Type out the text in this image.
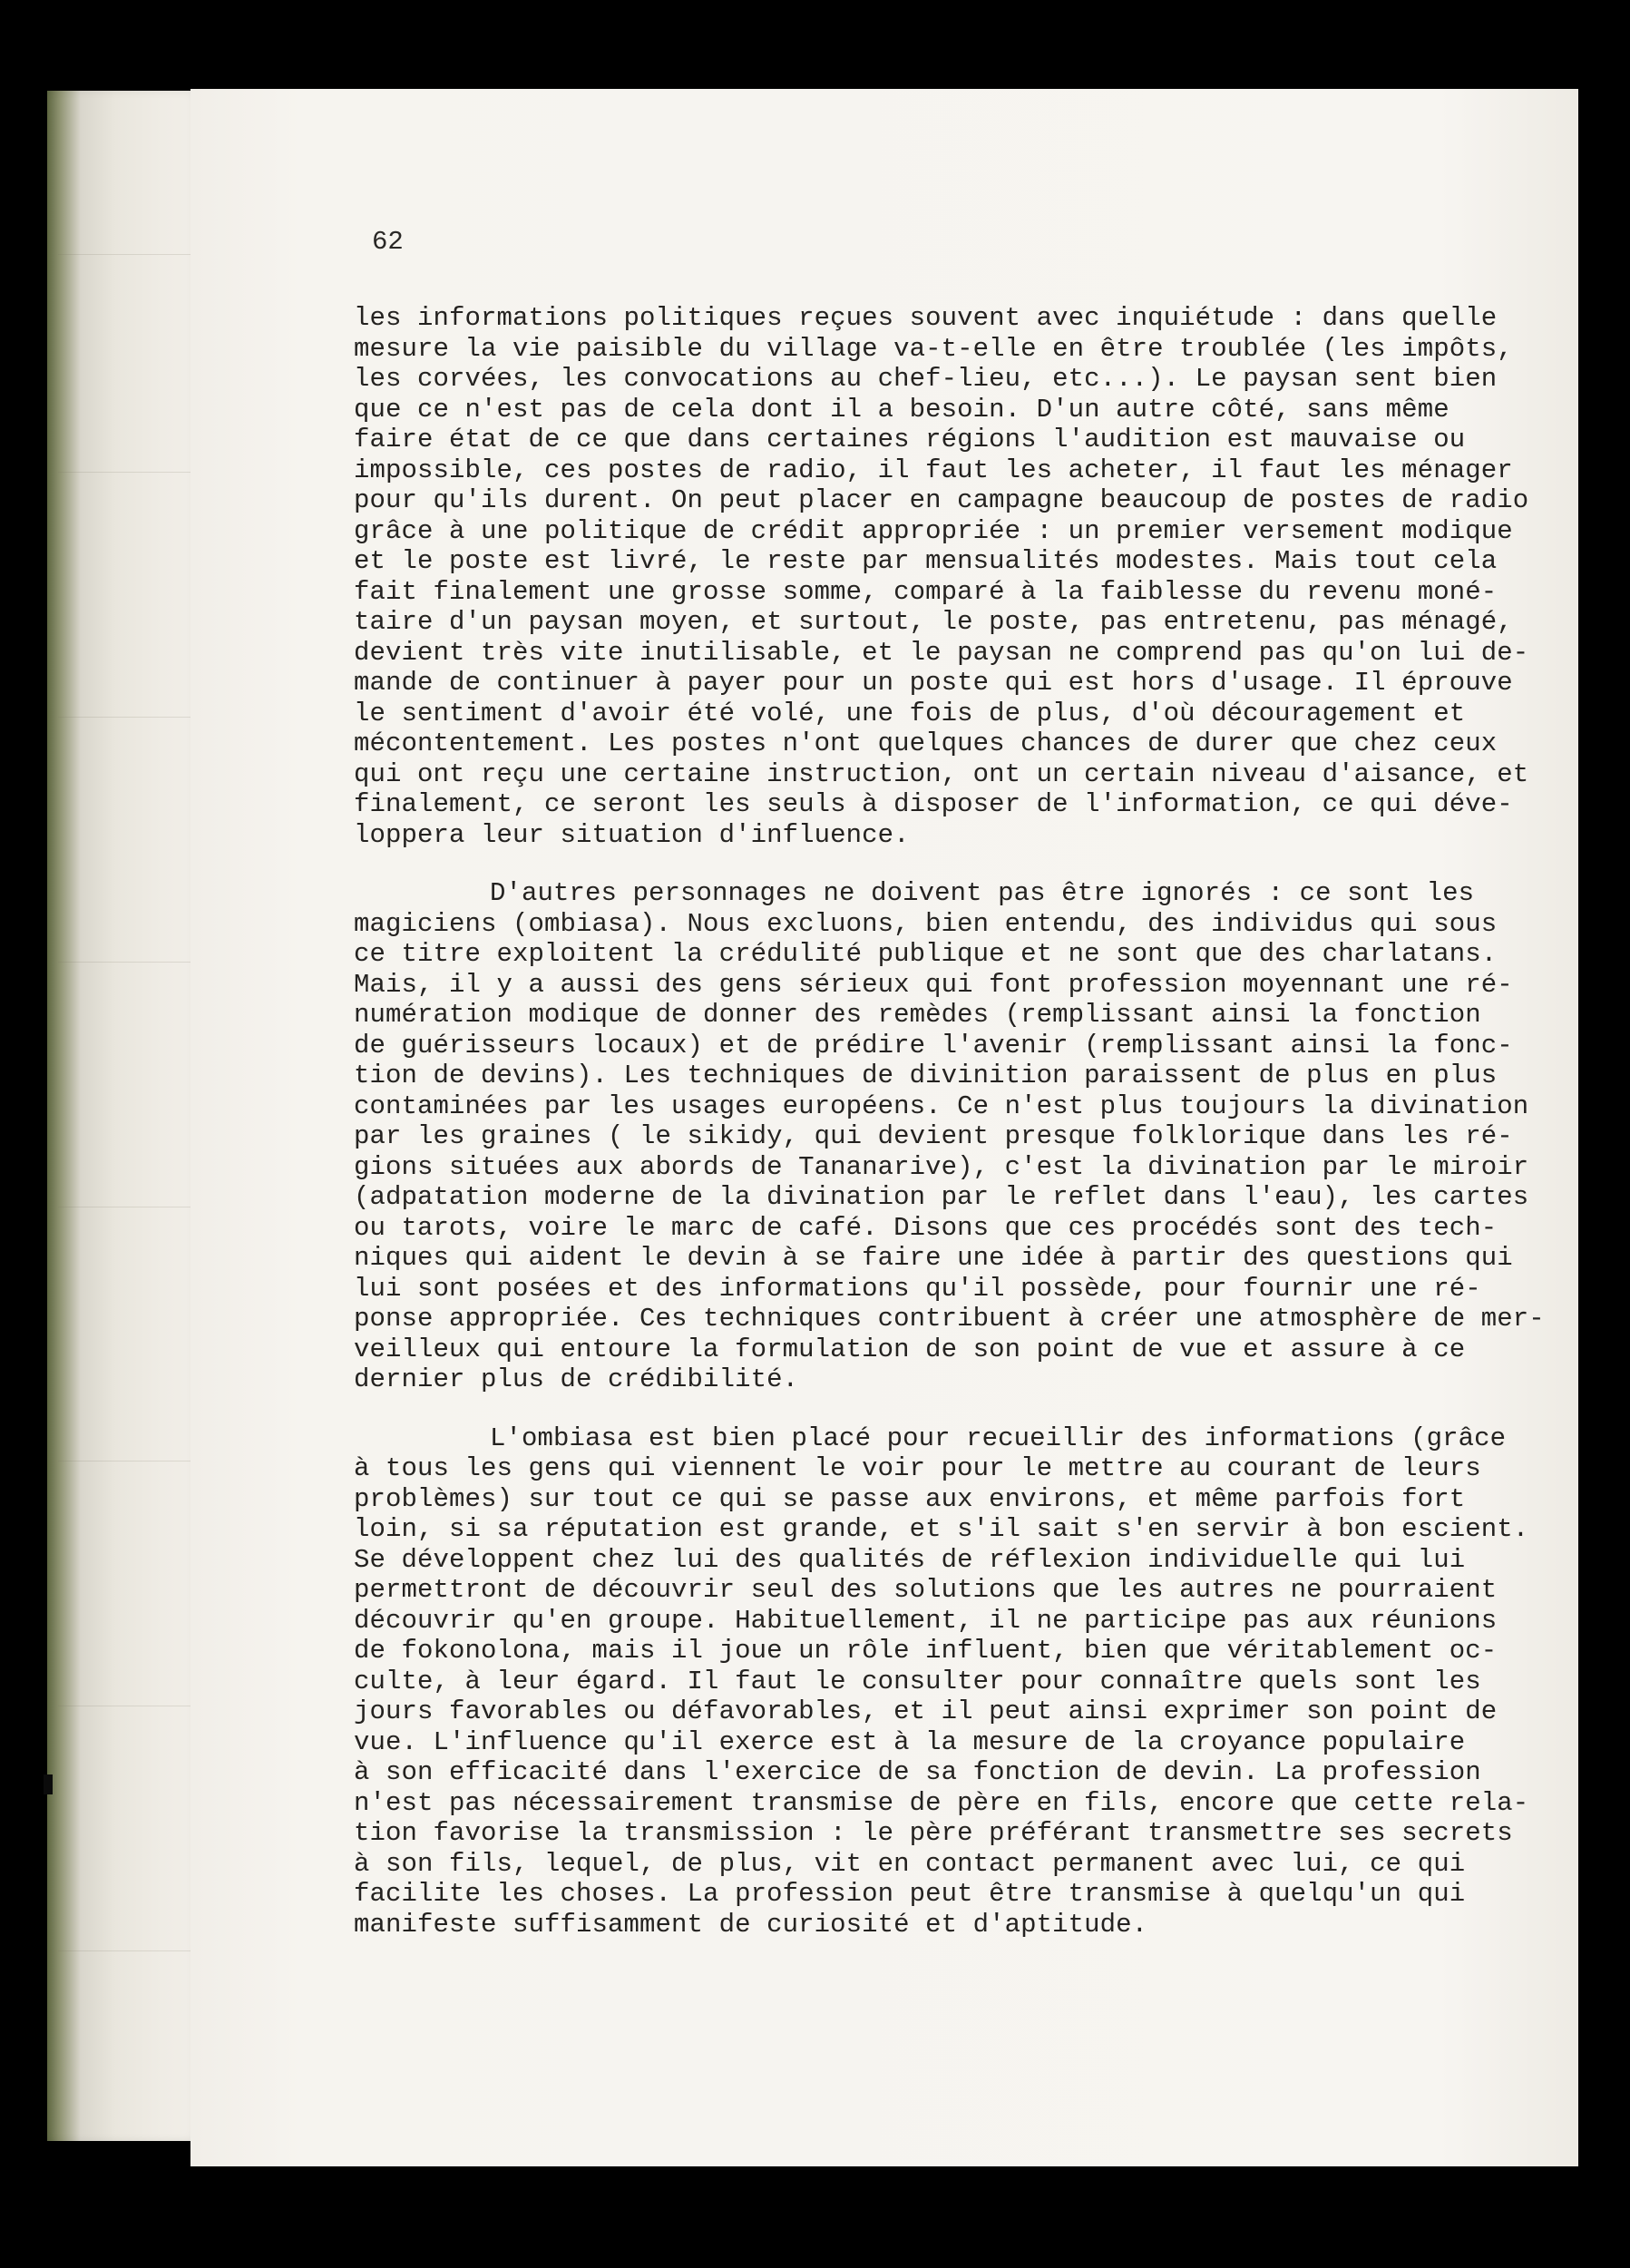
62

les informations politiques reçues souvent avec inquiétude : dans quelle
mesure la vie paisible du village va-t-elle en être troublée (les impôts,
les corvées, les convocations au chef-lieu, etc...). Le paysan sent bien
que ce n'est pas de cela dont il a besoin. D'un autre côté, sans même
faire état de ce que dans certaines régions l'audition est mauvaise ou
impossible, ces postes de radio, il faut les acheter, il faut les ménager
pour qu'ils durent. On peut placer en campagne beaucoup de postes de radio
grâce à une politique de crédit appropriée : un premier versement modique
et le poste est livré, le reste par mensualités modestes. Mais tout cela
fait finalement une grosse somme, comparé à la faiblesse du revenu moné-
taire d'un paysan moyen, et surtout, le poste, pas entretenu, pas ménagé,
devient très vite inutilisable, et le paysan ne comprend pas qu'on lui de-
mande de continuer à payer pour un poste qui est hors d'usage. Il éprouve
le sentiment d'avoir été volé, une fois de plus, d'où découragement et
mécontentement. Les postes n'ont quelques chances de durer que chez ceux
qui ont reçu une certaine instruction, ont un certain niveau d'aisance, et
finalement, ce seront les seuls à disposer de l'information, ce qui déve-
loppera leur situation d'influence.

D'autres personnages ne doivent pas être ignorés : ce sont les
magiciens (ombiasa). Nous excluons, bien entendu, des individus qui sous
ce titre exploitent la crédulité publique et ne sont que des charlatans.
Mais, il y a aussi des gens sérieux qui font profession moyennant une ré-
numération modique de donner des remèdes (remplissant ainsi la fonction
de guérisseurs locaux) et de prédire l'avenir (remplissant ainsi la fonc-
tion de devins). Les techniques de divinition paraissent de plus en plus
contaminées par les usages européens. Ce n'est plus toujours la divination
par les graines ( le sikidy, qui devient presque folklorique dans les ré-
gions situées aux abords de Tananarive), c'est la divination par le miroir
(adpatation moderne de la divination par le reflet dans l'eau), les cartes
ou tarots, voire le marc de café. Disons que ces procédés sont des tech-
niques qui aident le devin à se faire une idée à partir des questions qui
lui sont posées et des informations qu'il possède, pour fournir une ré-
ponse appropriée. Ces techniques contribuent à créer une atmosphère de mer-
veilleux qui entoure la formulation de son point de vue et assure à ce
dernier plus de crédibilité.

L'ombiasa est bien placé pour recueillir des informations (grâce
à tous les gens qui viennent le voir pour le mettre au courant de leurs
problèmes) sur tout ce qui se passe aux environs, et même parfois fort
loin, si sa réputation est grande, et s'il sait s'en servir à bon escient.
Se développent chez lui des qualités de réflexion individuelle qui lui
permettront de découvrir seul des solutions que les autres ne pourraient
découvrir qu'en groupe. Habituellement, il ne participe pas aux réunions
de fokonolona, mais il joue un rôle influent, bien que véritablement oc-
culte, à leur égard. Il faut le consulter pour connaître quels sont les
jours favorables ou défavorables, et il peut ainsi exprimer son point de
vue. L'influence qu'il exerce est à la mesure de la croyance populaire
à son efficacité dans l'exercice de sa fonction de devin. La profession
n'est pas nécessairement transmise de père en fils, encore que cette rela-
tion favorise la transmission : le père préférant transmettre ses secrets
à son fils, lequel, de plus, vit en contact permanent avec lui, ce qui
facilite les choses. La profession peut être transmise à quelqu'un qui
manifeste suffisamment de curiosité et d'aptitude.
